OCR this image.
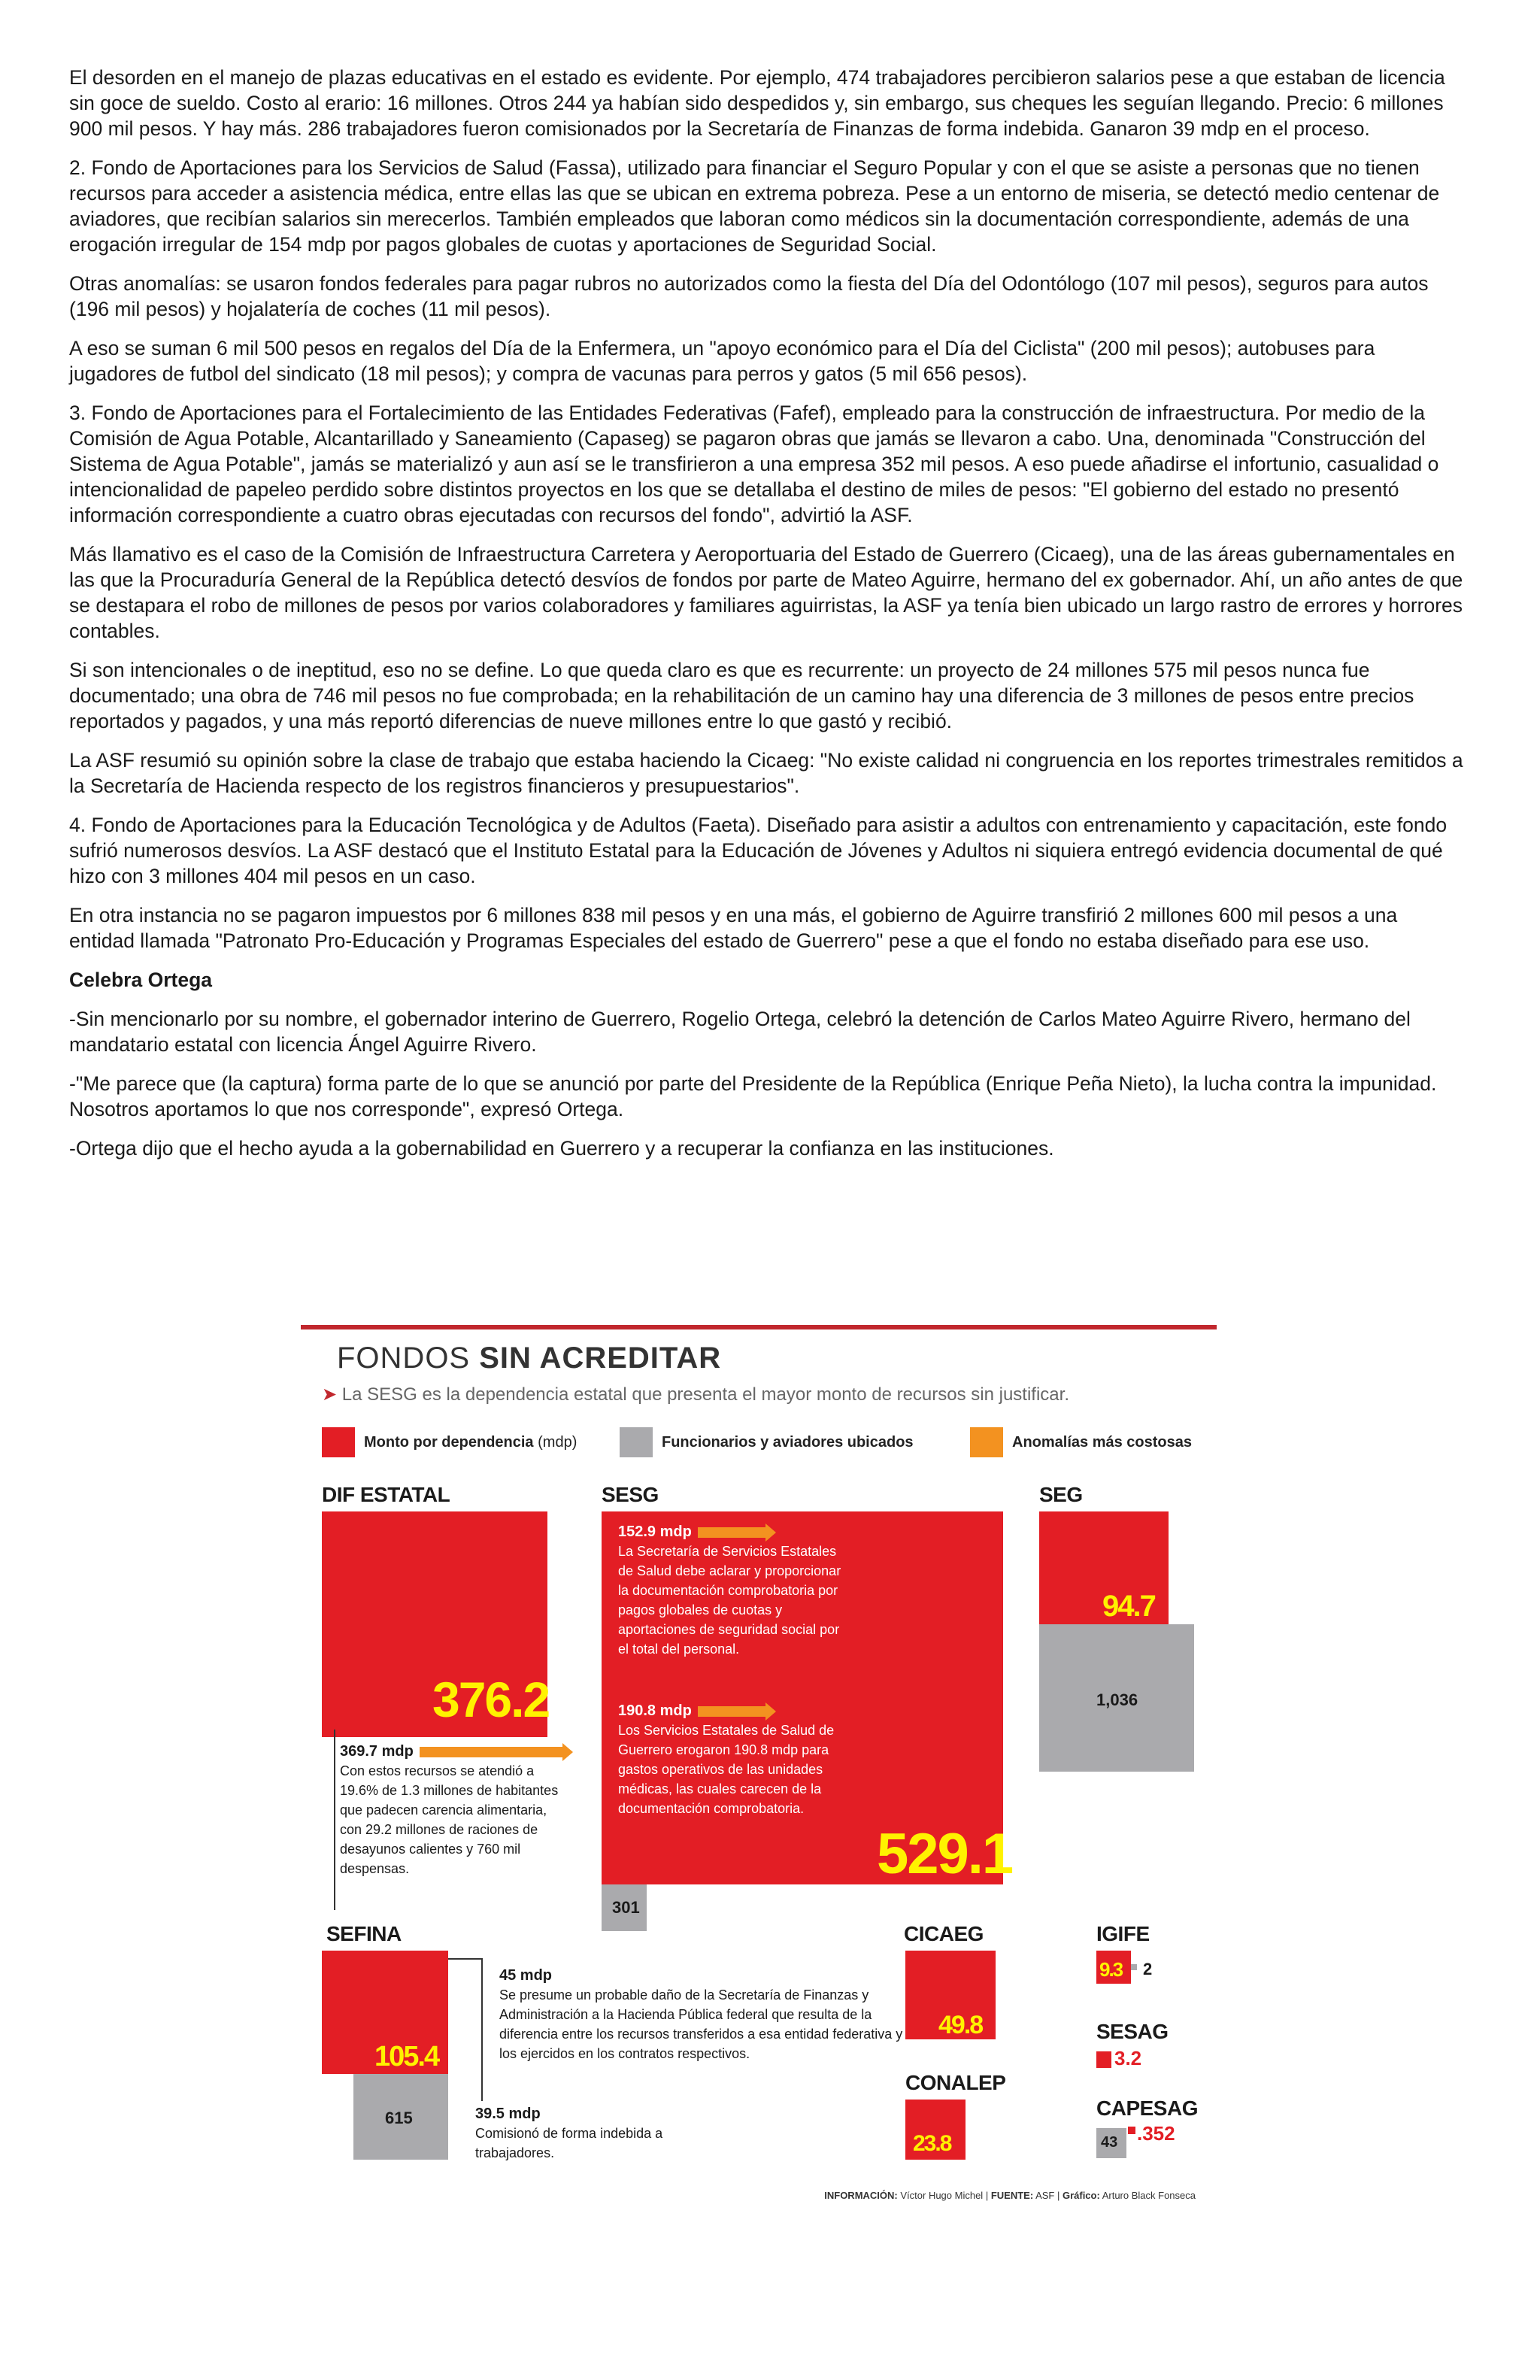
El desorden en el manejo de plazas educativas en el estado es evidente. Por ejemplo, 474 trabajadores percibieron salarios pese a que estaban de licencia sin goce de sueldo. Costo al erario: 16 millones. Otros 244 ya habían sido despedidos y, sin embargo, sus cheques les seguían llegando. Precio: 6 millones 900 mil pesos. Y hay más. 286 trabajadores fueron comisionados por la Secretaría de Finanzas de forma indebida. Ganaron 39 mdp en el proceso.

2. Fondo de Aportaciones para los Servicios de Salud (Fassa), utilizado para financiar el Seguro Popular y con el que se asiste a personas que no tienen recursos para acceder a asistencia médica, entre ellas las que se ubican en extrema pobreza. Pese a un entorno de miseria, se detectó medio centenar de aviadores, que recibían salarios sin merecerlos. También empleados que laboran como médicos sin la documentación correspondiente, además de una erogación irregular de 154 mdp por pagos globales de cuotas y aportaciones de Seguridad Social.

Otras anomalías: se usaron fondos federales para pagar rubros no autorizados como la fiesta del Día del Odontólogo (107 mil pesos), seguros para autos (196 mil pesos) y hojalatería de coches (11 mil pesos).

A eso se suman 6 mil 500 pesos en regalos del Día de la Enfermera, un "apoyo económico para el Día del Ciclista" (200 mil pesos); autobuses para jugadores de futbol del sindicato (18 mil pesos); y compra de vacunas para perros y gatos (5 mil 656 pesos).

3. Fondo de Aportaciones para el Fortalecimiento de las Entidades Federativas (Fafef), empleado para la construcción de infraestructura. Por medio de la Comisión de Agua Potable, Alcantarillado y Saneamiento (Capaseg) se pagaron obras que jamás se llevaron a cabo. Una, denominada "Construcción del Sistema de Agua Potable", jamás se materializó y aun así se le transfirieron a una empresa 352 mil pesos. A eso puede añadirse el infortunio, casualidad o intencionalidad de papeleo perdido sobre distintos proyectos en los que se detallaba el destino de miles de pesos: "El gobierno del estado no presentó información correspondiente a cuatro obras ejecutadas con recursos del fondo", advirtió la ASF.

Más llamativo es el caso de la Comisión de Infraestructura Carretera y Aeroportuaria del Estado de Guerrero (Cicaeg), una de las áreas gubernamentales en las que la Procuraduría General de la República detectó desvíos de fondos por parte de Mateo Aguirre, hermano del ex gobernador. Ahí, un año antes de que se destapara el robo de millones de pesos por varios colaboradores y familiares aguirristas, la ASF ya tenía bien ubicado un largo rastro de errores y horrores contables.

Si son intencionales o de ineptitud, eso no se define. Lo que queda claro es que es recurrente: un proyecto de 24 millones 575 mil pesos nunca fue documentado; una obra de 746 mil pesos no fue comprobada; en la rehabilitación de un camino hay una diferencia de 3 millones de pesos entre precios reportados y pagados, y una más reportó diferencias de nueve millones entre lo que gastó y recibió.

La ASF resumió su opinión sobre la clase de trabajo que estaba haciendo la Cicaeg: "No existe calidad ni congruencia en los reportes trimestrales remitidos a la Secretaría de Hacienda respecto de los registros financieros y presupuestarios".

4. Fondo de Aportaciones para la Educación Tecnológica y de Adultos (Faeta). Diseñado para asistir a adultos con entrenamiento y capacitación, este fondo sufrió numerosos desvíos. La ASF destacó que el Instituto Estatal para la Educación de Jóvenes y Adultos ni siquiera entregó evidencia documental de qué hizo con 3 millones 404 mil pesos en un caso.

En otra instancia no se pagaron impuestos por 6 millones 838 mil pesos y en una más, el gobierno de Aguirre transfirió 2 millones 600 mil pesos a una entidad llamada "Patronato Pro-Educación y Programas Especiales del estado de Guerrero" pese a que el fondo no estaba diseñado para ese uso.

Celebra Ortega

-Sin mencionarlo por su nombre, el gobernador interino de Guerrero, Rogelio Ortega, celebró la detención de Carlos Mateo Aguirre Rivero, hermano del mandatario estatal con licencia Ángel Aguirre Rivero.

-"Me parece que (la captura) forma parte de lo que se anunció por parte del Presidente de la República (Enrique Peña Nieto), la lucha contra la impunidad. Nosotros aportamos lo que nos corresponde", expresó Ortega.

-Ortega dijo que el hecho ayuda a la gobernabilidad en Guerrero y a recuperar la confianza en las instituciones.

FONDOS SIN ACREDITAR
➤ La SESG es la dependencia estatal que presenta el mayor monto de recursos sin justificar.
Monto por dependencia
(mdp)	Funcionarios y aviadores ubicados	Anomalías más costosas
DIF ESTATAL
376.2
369.7 mdp
Con estos recursos se atendió a 19.6% de 1.3 millones de habitantes que padecen carencia alimentaria, con 29.2 millones de raciones de desayunos calientes y 760 mil despensas.
SESG
301
529.1
152.9 mdp
La Secretaría de Servicios Estatales de Salud debe aclarar y proporcionar la documentación comprobatoria por pagos globales de cuotas y aportaciones de seguridad social por el total del personal.
190.8 mdp
Los Servicios Estatales de Salud de Guerrero erogaron 190.8 mdp para gastos operativos de las unidades médicas, las cuales carecen de la documentación comprobatoria.
SEG
94.7
1,036
SEFINA
105.4
615
45 mdp
Se presume un probable daño de la Secretaría de Finanzas y Administración a la Hacienda Pública federal que resulta de la diferencia entre los recursos transferidos a esa entidad federativa y los ejercidos en los contratos respectivos.
39.5 mdp
Comisionó de forma indebida a trabajadores.
CICAEG
49.8
CONALEP
23.8
IGIFE
9.3 2
SESAG
3.2
CAPESAG
43 .352
INFORMACIÓN: Víctor Hugo Michel | FUENTE: ASF | Gráfico: Arturo Black Fonseca
